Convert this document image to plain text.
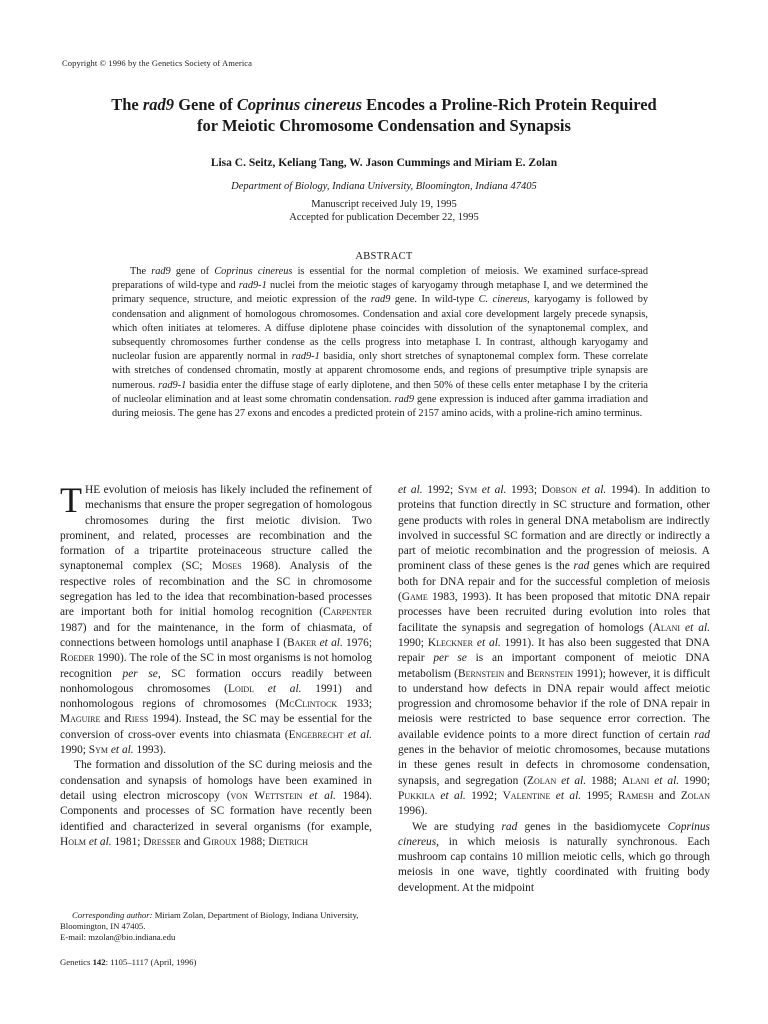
Copyright © 1996 by the Genetics Society of America
The rad9 Gene of Coprinus cinereus Encodes a Proline-Rich Protein Required
for Meiotic Chromosome Condensation and Synapsis
Lisa C. Seitz, Keliang Tang, W. Jason Cummings and Miriam E. Zolan
Department of Biology, Indiana University, Bloomington, Indiana 47405
Manuscript received July 19, 1995
Accepted for publication December 22, 1995
ABSTRACT
The rad9 gene of Coprinus cinereus is essential for the normal completion of meiosis. We examined surface-spread preparations of wild-type and rad9-1 nuclei from the meiotic stages of karyogamy through metaphase I, and we determined the primary sequence, structure, and meiotic expression of the rad9 gene. In wild-type C. cinereus, karyogamy is followed by condensation and alignment of homologous chromosomes. Condensation and axial core development largely precede synapsis, which often initiates at telomeres. A diffuse diplotene phase coincides with dissolution of the synaptonemal complex, and subsequently chromosomes further condense as the cells progress into metaphase I. In contrast, although karyogamy and nucleolar fusion are apparently normal in rad9-1 basidia, only short stretches of synaptonemal complex form. These correlate with stretches of condensed chromatin, mostly at apparent chromosome ends, and regions of presumptive triple synapsis are numerous. rad9-1 basidia enter the diffuse stage of early diplotene, and then 50% of these cells enter metaphase I by the criteria of nucleolar elimination and at least some chromatin condensation. rad9 gene expression is induced after gamma irradiation and during meiosis. The gene has 27 exons and encodes a predicted protein of 2157 amino acids, with a proline-rich amino terminus.

THE evolution of meiosis has likely included the refinement of mechanisms that ensure the proper segregation of homologous chromosomes during the first meiotic division. Two prominent, and related, processes are recombination and the formation of a tripartite proteinaceous structure called the synaptonemal complex (SC; Moses 1968). Analysis of the respective roles of recombination and the SC in chromosome segregation has led to the idea that recombination-based processes are important both for initial homolog recognition (Carpenter 1987) and for the maintenance, in the form of chiasmata, of connections between homologs until anaphase I (Baker et al. 1976; Roeder 1990). The role of the SC in most organisms is not homolog recognition per se, SC formation occurs readily between nonhomologous chromosomes (Loidl et al. 1991) and nonhomologous regions of chromosomes (McClintock 1933; Maguire and Riess 1994). Instead, the SC may be essential for the conversion of cross-over events into chiasmata (Engebrecht et al. 1990; Sym et al. 1993).

The formation and dissolution of the SC during meiosis and the condensation and synapsis of homologs have been examined in detail using electron microscopy (von Wettstein et al. 1984). Components and processes of SC formation have recently been identified and characterized in several organisms (for example, Holm et al. 1981; Dresser and Giroux 1988; Dietrich

et al. 1992; Sym et al. 1993; Dobson et al. 1994). In addition to proteins that function directly in SC structure and formation, other gene products with roles in general DNA metabolism are indirectly involved in successful SC formation and are directly or indirectly a part of meiotic recombination and the progression of meiosis. A prominent class of these genes is the rad genes which are required both for DNA repair and for the successful completion of meiosis (Game 1983, 1993). It has been proposed that mitotic DNA repair processes have been recruited during evolution into roles that facilitate the synapsis and segregation of homologs (Alani et al. 1990; Kleckner et al. 1991). It has also been suggested that DNA repair per se is an important component of meiotic DNA metabolism (Bernstein and Bernstein 1991); however, it is difficult to understand how defects in DNA repair would affect meiotic progression and chromosome behavior if the role of DNA repair in meiosis were restricted to base sequence error correction. The available evidence points to a more direct function of certain rad genes in the behavior of meiotic chromosomes, because mutations in these genes result in defects in chromosome condensation, synapsis, and segregation (Zolan et al. 1988; Alani et al. 1990; Pukkila et al. 1992; Valentine et al. 1995; Ramesh and Zolan 1996).

We are studying rad genes in the basidiomycete Coprinus cinereus, in which meiosis is naturally synchronous. Each mushroom cap contains 10 million meiotic cells, which go through meiosis in one wave, tightly coordinated with fruiting body development. At the midpoint

Corresponding author: Miriam Zolan, Department of Biology, Indiana University, Bloomington, IN 47405.

E-mail: mzolan@bio.indiana.edu

Genetics 142: 1105–1117 (April, 1996)
